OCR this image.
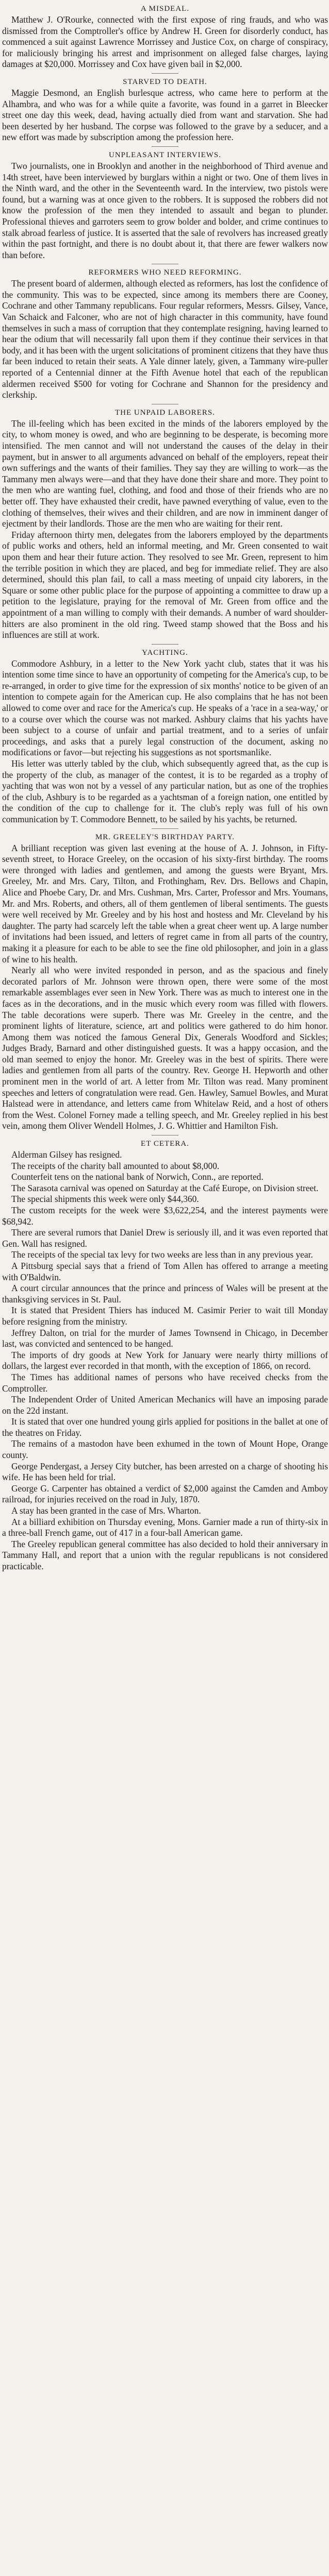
A MISDEAL.

Matthew J. O'Rourke, connected with the first expose of ring frauds, and who was dismissed from the Comptroller's office by Andrew H. Green for disorderly conduct, has commenced a suit against Lawrence Morrissey and Justice Cox, on charge of conspiracy, for maliciously bringing his arrest and imprisonment on alleged false charges, laying damages at $20,000. Morrissey and Cox have given bail in $2,000.

STARVED TO DEATH.

Maggie Desmond, an English burlesque actress, who came here to perform at the Alhambra, and who was for a while quite a favorite, was found in a garret in Bleecker street one day this week, dead, having actually died from want and starvation. She had been deserted by her husband. The corpse was followed to the grave by a seducer, and a new effort was made by subscription among the profession here.

UNPLEASANT INTERVIEWS.

Two journalists, one in Brooklyn and another in the neighborhood of Third avenue and 14th street, have been interviewed by burglars within a night or two. One of them lives in the Ninth ward, and the other in the Seventeenth ward. In the interview, two pistols were found, but a warning was at once given to the robbers. It is supposed the robbers did not know the profession of the men they intended to assault and began to plunder. Professional thieves and garroters seem to grow bolder and bolder, and crime continues to stalk abroad fearless of justice. It is asserted that the sale of revolvers has increased greatly within the past fortnight, and there is no doubt about it, that there are fewer walkers now than before.

REFORMERS WHO NEED REFORMING.

The present board of aldermen, although elected as reformers, has lost the confidence of the community. This was to be expected, since among its members there are Cooney, Cochrane and other Tammany republicans. Four regular reformers, Messrs. Gilsey, Vance, Van Schaick and Falconer, who are not of high character in this community, have found themselves in such a mass of corruption that they contemplate resigning, having learned to hear the odium that will necessarily fall upon them if they continue their services in that body, and it has been with the urgent solicitations of prominent citizens that they have thus far been induced to retain their seats. A Yale dinner lately, given, a Tammany wire-puller reported of a Centennial dinner at the Fifth Avenue hotel that each of the republican aldermen received $500 for voting for Cochrane and Shannon for the presidency and clerkship.

THE UNPAID LABORERS.

The ill-feeling which has been excited in the minds of the laborers employed by the city, to whom money is owed, and who are beginning to be desperate, is becoming more intensified. The men cannot and will not understand the causes of the delay in their payment, but in answer to all arguments advanced on behalf of the employers, repeat their own sufferings and the wants of their families. They say they are willing to work—as the Tammany men always were—and that they have done their share and more. They point to the men who are wanting fuel, clothing, and food and those of their friends who are no better off. They have exhausted their credit, have pawned everything of value, even to the clothing of themselves, their wives and their children, and are now in imminent danger of ejectment by their landlords. Those are the men who are waiting for their rent.

Friday afternoon thirty men, delegates from the laborers employed by the departments of public works and others, held an informal meeting, and Mr. Green consented to wait upon them and hear their future action. They resolved to see Mr. Green, represent to him the terrible position in which they are placed, and beg for immediate relief. They are also determined, should this plan fail, to call a mass meeting of unpaid city laborers, in the Square or some other public place for the purpose of appointing a committee to draw up a petition to the legislature, praying for the removal of Mr. Green from office and the appointment of a man willing to comply with their demands. A number of ward shoulder-hitters are also prominent in the old ring. Tweed stamp showed that the Boss and his influences are still at work.

YACHTING.

Commodore Ashbury, in a letter to the New York yacht club, states that it was his intention some time since to have an opportunity of competing for the America's cup, to be re-arranged, in order to give time for the expression of six months' notice to be given of an intention to compete again for the American cup. He also complains that he has not been allowed to come over and race for the America's cup. He speaks of a 'race in a sea-way,' or to a course over which the course was not marked. Ashbury claims that his yachts have been subject to a course of unfair and partial treatment, and to a series of unfair proceedings, and asks that a purely legal construction of the document, asking no modifications or favor—but rejecting his suggestions as not sportsmanlike.

His letter was utterly tabled by the club, which subsequently agreed that, as the cup is the property of the club, as manager of the contest, it is to be regarded as a trophy of yachting that was won not by a vessel of any particular nation, but as one of the trophies of the club, Ashbury is to be regarded as a yachtsman of a foreign nation, one entitled by the condition of the cup to challenge for it. The club's reply was full of his own communication by T. Commodore Bennett, to be sailed by his yachts, be returned.

MR. GREELEY'S BIRTHDAY PARTY.

A brilliant reception was given last evening at the house of A. J. Johnson, in Fifty-seventh street, to Horace Greeley, on the occasion of his sixty-first birthday. The rooms were thronged with ladies and gentlemen, and among the guests were Bryant, Mrs. Greeley, Mr. and Mrs. Cary, Tilton, and Frothingham, Rev. Drs. Bellows and Chapin, Alice and Phoebe Cary, Dr. and Mrs. Cushman, Mrs. Carter, Professor and Mrs. Youmans, Mr. and Mrs. Roberts, and others, all of them gentlemen of liberal sentiments. The guests were well received by Mr. Greeley and by his host and hostess and Mr. Cleveland by his daughter. The party had scarcely left the table when a great cheer went up. A large number of invitations had been issued, and letters of regret came in from all parts of the country, making it a pleasure for each to be able to see the fine old philosopher, and join in a glass of wine to his health.

Nearly all who were invited responded in person, and as the spacious and finely decorated parlors of Mr. Johnson were thrown open, there were some of the most remarkable assemblages ever seen in New York. There was as much to interest one in the faces as in the decorations, and in the music which every room was filled with flowers. The table decorations were superb. There was Mr. Greeley in the centre, and the prominent lights of literature, science, art and politics were gathered to do him honor. Among them was noticed the famous General Dix, Generals Woodford and Sickles; Judges Brady, Barnard and other distinguished guests. It was a happy occasion, and the old man seemed to enjoy the honor. Mr. Greeley was in the best of spirits. There were ladies and gentlemen from all parts of the country. Rev. George H. Hepworth and other prominent men in the world of art. A letter from Mr. Tilton was read. Many prominent speeches and letters of congratulation were read. Gen. Hawley, Samuel Bowles, and Murat Halstead were in attendance, and letters came from Whitelaw Reid, and a host of others from the West. Colonel Forney made a telling speech, and Mr. Greeley replied in his best vein, among them Oliver Wendell Holmes, J. G. Whittier and Hamilton Fish.

ET CETERA.

Alderman Gilsey has resigned.

The receipts of the charity ball amounted to about $8,000.

Counterfeit tens on the national bank of Norwich, Conn., are reported.

The Sarasota carnival was opened on Saturday at the Café Europe, on Division street.

The special shipments this week were only $44,360.

The custom receipts for the week were $3,622,254, and the interest payments were $68,942.

There are several rumors that Daniel Drew is seriously ill, and it was even reported that Gen. Wall has resigned.

The receipts of the special tax levy for two weeks are less than in any previous year.

A Pittsburg special says that a friend of Tom Allen has offered to arrange a meeting with O'Baldwin.

A court circular announces that the prince and princess of Wales will be present at the thanksgiving services in St. Paul.

It is stated that President Thiers has induced M. Casimir Perier to wait till Monday before resigning from the ministry.

Jeffrey Dalton, on trial for the murder of James Townsend in Chicago, in December last, was convicted and sentenced to be hanged.

The imports of dry goods at New York for January were nearly thirty millions of dollars, the largest ever recorded in that month, with the exception of 1866, on record.

The Times has additional names of persons who have received checks from the Comptroller.

The Independent Order of United American Mechanics will have an imposing parade on the 22d instant.

It is stated that over one hundred young girls applied for positions in the ballet at one of the theatres on Friday.

The remains of a mastodon have been exhumed in the town of Mount Hope, Orange county.

George Pendergast, a Jersey City butcher, has been arrested on a charge of shooting his wife. He has been held for trial.

George G. Carpenter has obtained a verdict of $2,000 against the Camden and Amboy railroad, for injuries received on the road in July, 1870.

A stay has been granted in the case of Mrs. Wharton.

At a billiard exhibition on Thursday evening, Mons. Garnier made a run of thirty-six in a three-ball French game, out of 417 in a four-ball American game.

The Greeley republican general committee has also decided to hold their anniversary in Tammany Hall, and report that a union with the regular republicans is not considered practicable.
